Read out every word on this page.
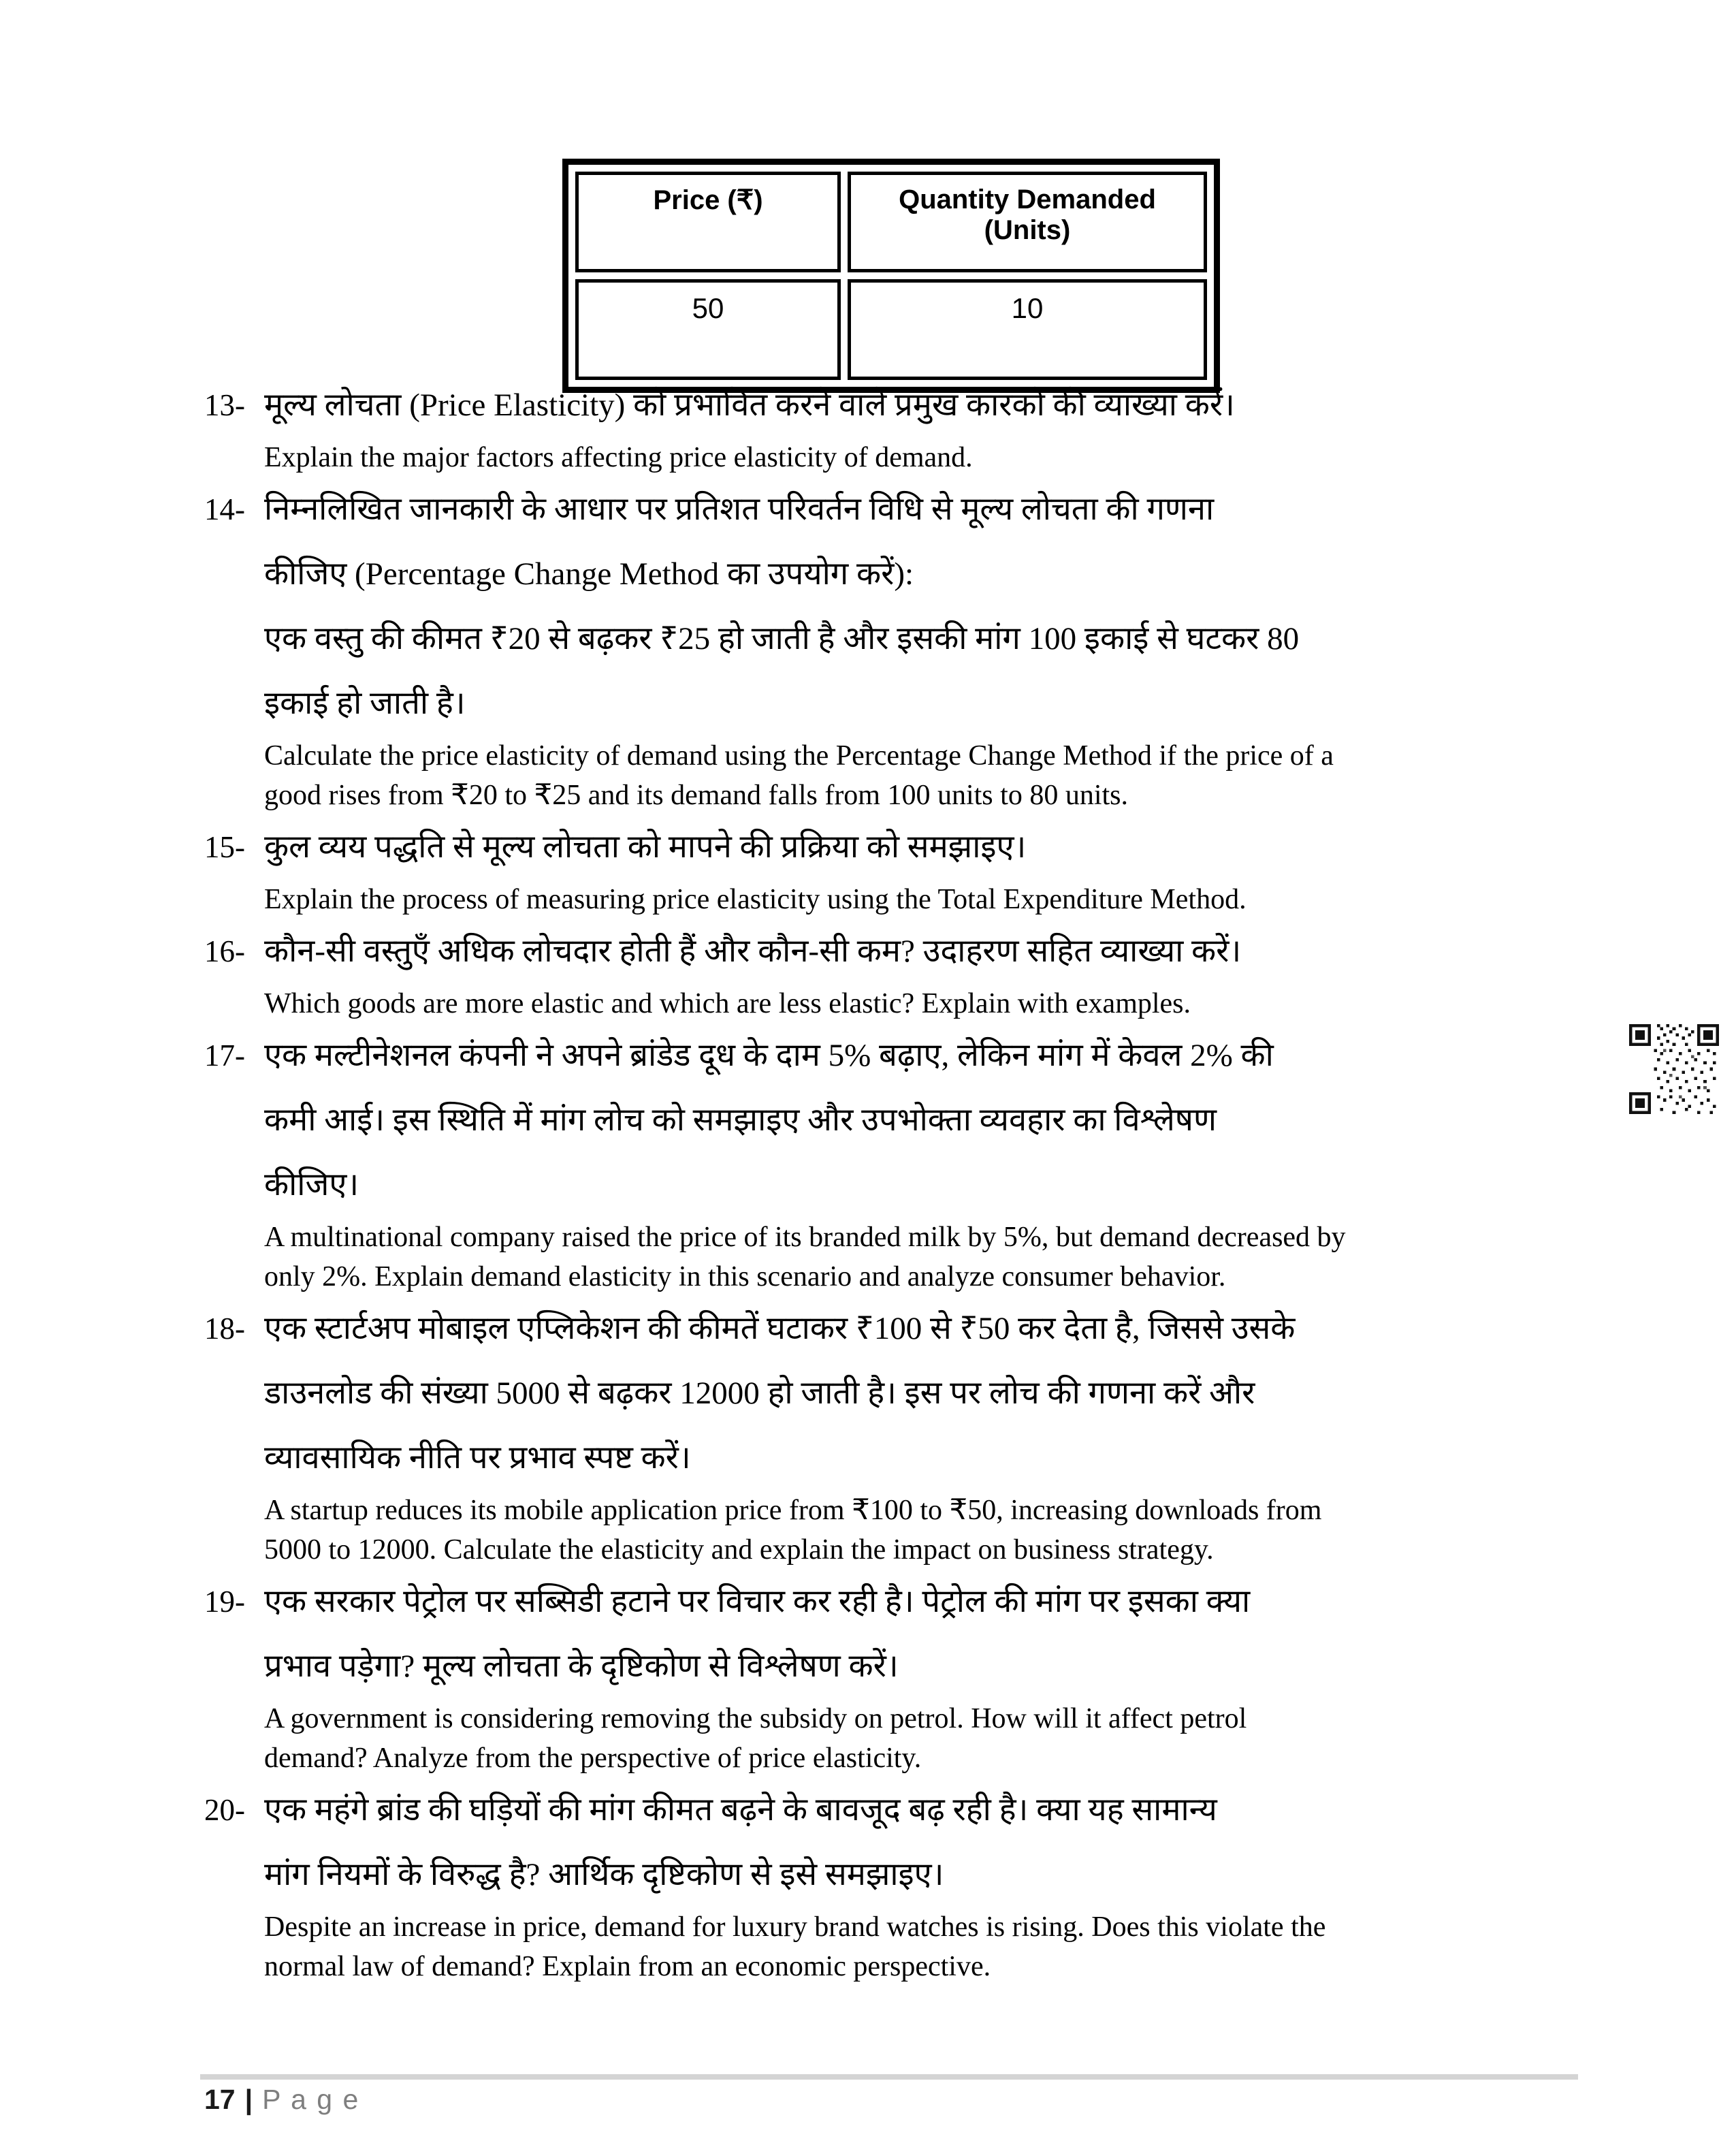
Price (₹)	Quantity Demanded (Units)
50	10
13- मूल्य लोचता (Price Elasticity) को प्रभावित करने वाले प्रमुख कारकों की व्याख्या करें।
Explain the major factors affecting price elasticity of demand.
14- निम्नलिखित जानकारी के आधार पर प्रतिशत परिवर्तन विधि से मूल्य लोचता की गणना
कीजिए (Percentage Change Method का उपयोग करें):
एक वस्तु की कीमत ₹20 से बढ़कर ₹25 हो जाती है और इसकी मांग 100 इकाई से घटकर 80
इकाई हो जाती है।
Calculate the price elasticity of demand using the Percentage Change Method if the price of a
good rises from ₹20 to ₹25 and its demand falls from 100 units to 80 units.
15- कुल व्यय पद्धति से मूल्य लोचता को मापने की प्रक्रिया को समझाइए।
Explain the process of measuring price elasticity using the Total Expenditure Method.
16- कौन-सी वस्तुएँ अधिक लोचदार होती हैं और कौन-सी कम? उदाहरण सहित व्याख्या करें।
Which goods are more elastic and which are less elastic? Explain with examples.
17- एक मल्टीनेशनल कंपनी ने अपने ब्रांडेड दूध के दाम 5% बढ़ाए, लेकिन मांग में केवल 2% की
कमी आई। इस स्थिति में मांग लोच को समझाइए और उपभोक्ता व्यवहार का विश्लेषण
कीजिए।
A multinational company raised the price of its branded milk by 5%, but demand decreased by
only 2%. Explain demand elasticity in this scenario and analyze consumer behavior.
18- एक स्टार्टअप मोबाइल एप्लिकेशन की कीमतें घटाकर ₹100 से ₹50 कर देता है, जिससे उसके
डाउनलोड की संख्या 5000 से बढ़कर 12000 हो जाती है। इस पर लोच की गणना करें और
व्यावसायिक नीति पर प्रभाव स्पष्ट करें।
A startup reduces its mobile application price from ₹100 to ₹50, increasing downloads from
5000 to 12000. Calculate the elasticity and explain the impact on business strategy.
19- एक सरकार पेट्रोल पर सब्सिडी हटाने पर विचार कर रही है। पेट्रोल की मांग पर इसका क्या
प्रभाव पड़ेगा? मूल्य लोचता के दृष्टिकोण से विश्लेषण करें।
A government is considering removing the subsidy on petrol. How will it affect petrol
demand? Analyze from the perspective of price elasticity.
20- एक महंगे ब्रांड की घड़ियों की मांग कीमत बढ़ने के बावजूद बढ़ रही है। क्या यह सामान्य
मांग नियमों के विरुद्ध है? आर्थिक दृष्टिकोण से इसे समझाइए।
Despite an increase in price, demand for luxury brand watches is rising. Does this violate the
normal law of demand? Explain from an economic perspective.
17 | P a g e
